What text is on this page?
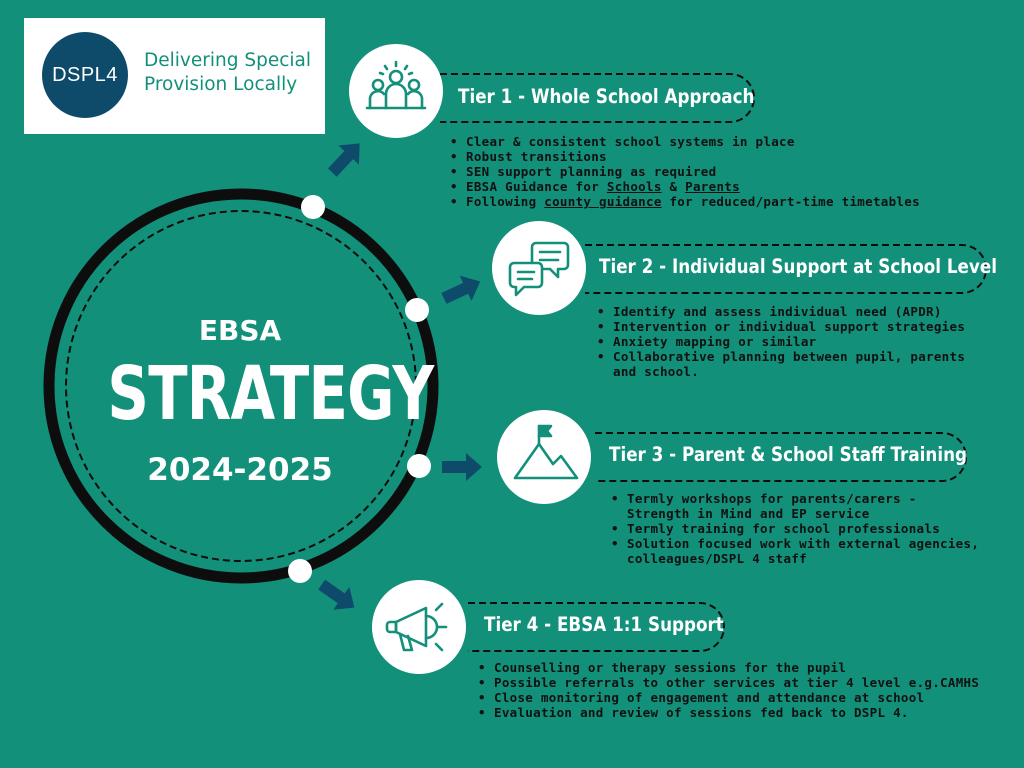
DSPL4
Delivering Special
Provision Locally
EBSA
STRATEGY
2024-2025
Tier 1 - Whole School Approach
• Clear & consistent school systems in place
• Robust transitions
• SEN support planning as required
• EBSA Guidance for Schools & Parents
• Following county guidance for reduced/part-time timetables
Tier 2 - Individual Support at School Level
• Identify and assess individual need (APDR)
• Intervention or individual support strategies
• Anxiety mapping or similar
• Collaborative planning between pupil, parents
and school.
Tier 3 - Parent & School Staff Training
• Termly workshops for parents/carers -
Strength in Mind and EP service
• Termly training for school professionals
• Solution focused work with external agencies,
colleagues/DSPL 4 staff
Tier 4 - EBSA 1:1 Support
• Counselling or therapy sessions for the pupil
• Possible referrals to other services at tier 4 level e.g.CAMHS
• Close monitoring of engagement and attendance at school
• Evaluation and review of sessions fed back to DSPL 4.
